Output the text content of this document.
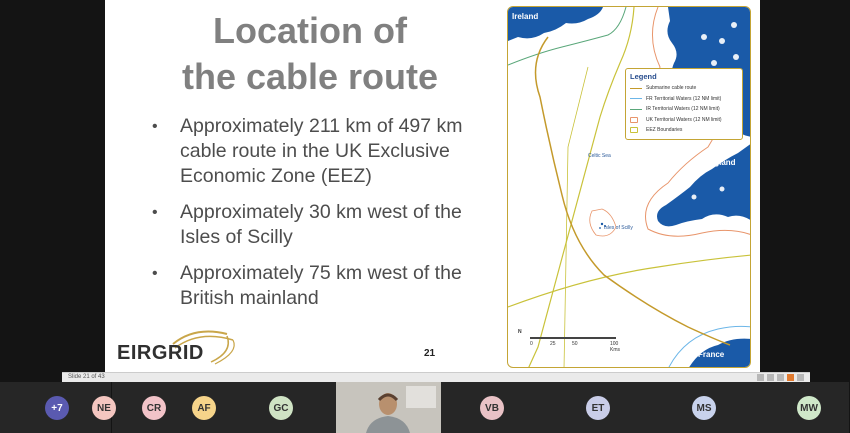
Location of
the cable route
• Approximately 211 km of 497 km cable route in the UK Exclusive Economic Zone (EEZ)
• Approximately 30 km west of the Isles of Scilly
• Approximately 75 km west of the British mainland
EIRGRID	21
Ireland
England
France
Celtic Sea
Isles of Scilly
Legend
Submarine cable route
FR Territorial Waters (12 NM limit)
IR Territorial Waters (12 NM limit)
UK Territorial Waters (12 NM limit)
EEZ Boundaries
N
0	25	50	100 Kms
Slide 21 of 43
+7	NE	CR	AF	GC	VB	ET	MS	MW
